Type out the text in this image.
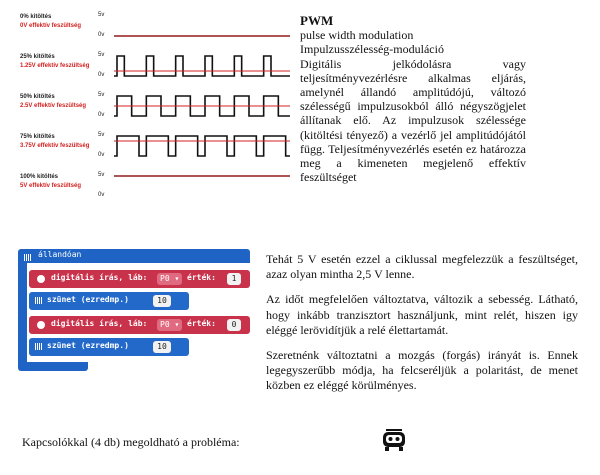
0% kitöltés
0V effektív feszültség
5v
0v
25% kitöltés
1.25V effektív feszültség
5v
0v
50% kitöltés
2.5V effektív feszültség
5v
0v
75% kitöltés
3.75V effektív feszültség
5v
0v
100% kitöltés
5V effektív feszültség
5v
0v
PWM
pulse width modulation
Impulzusszélesség-moduláció
Digitális jelkódolásra vagy teljesítményvezérlésre alkalmas eljárás, amelynél állandó amplitúdójú, változó szélességű impulzusokból álló négyszögjelet állítanak elő. Az impulzusok szélessége (kitöltési tényező) a vezérlő jel amplitúdójától függ. Teljesítményvezérlés esetén ez határozza meg a kimeneten megjelenő effektív feszültséget
állandóan
digitális írás, láb:	P0 ▾ érték:	1
szünet (ezredmp.)	10
digitális írás, láb:	P0 ▾ érték:	0
szünet (ezredmp.)	10
Tehát 5 V esetén ezzel a ciklussal megfelezzük a feszültséget, azaz olyan mintha 2,5 V lenne.
Az időt megfelelően változtatva, változik a sebesség. Látható, hogy inkább tranzisztort használjunk, mint relét, hiszen igy eléggé lerövidítjük a relé élettartamát.
Szeretnénk változtatni a mozgás (forgás) irányát is. Ennek legegyszerűbb módja, ha felcseréljük a polaritást, de menet közben ez eléggé körülményes.
Kapcsolókkal (4 db) megoldható a probléma:
